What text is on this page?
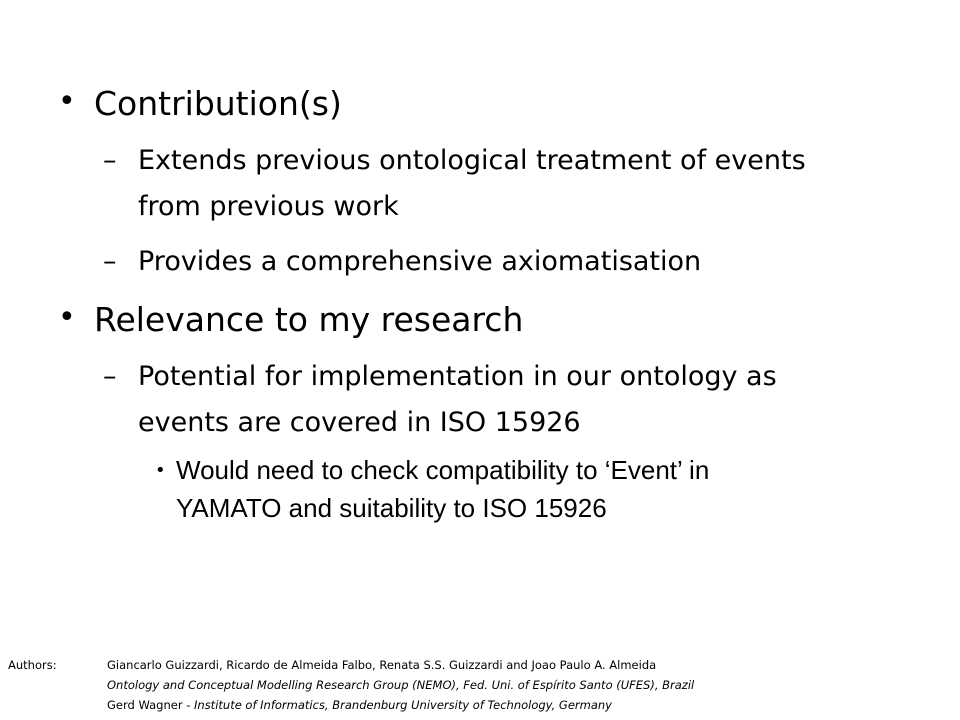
• Contribution(s)
– Extends previous ontological treatment of events
from previous work
– Provides a comprehensive axiomatisation
• Relevance to my research
– Potential for implementation in our ontology as
events are covered in ISO 15926
• Would need to check compatibility to ‘Event’ in
YAMATO and suitability to ISO 15926
Authors:	Giancarlo Guizzardi, Ricardo de Almeida Falbo, Renata S.S. Guizzardi and Joao Paulo A. Almeida
Ontology and Conceptual Modelling Research Group (NEMO), Fed. Uni. of Espírito Santo (UFES), Brazil
Gerd Wagner - Institute of Informatics, Brandenburg University of Technology, Germany
